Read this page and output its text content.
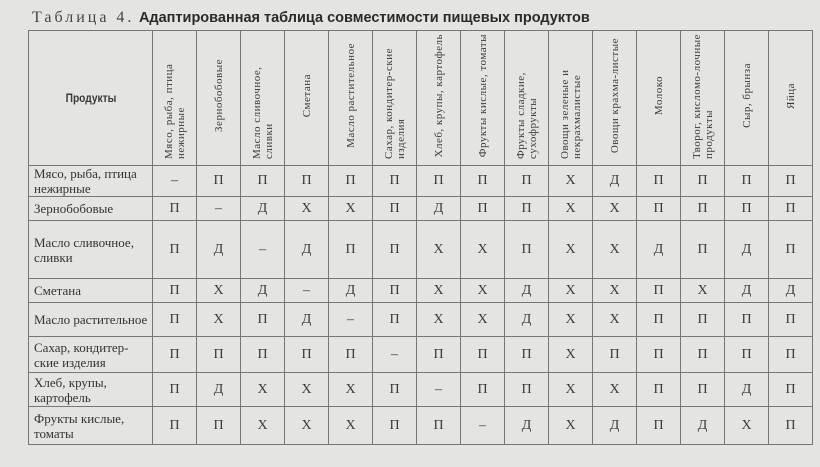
Таблица 4. Адаптированная таблица совместимости пищевых продуктов
Продукты	Мясо, рыба, птица нежирные	Зернобобовые	Масло сливочное, сливки	Сметана	Масло растительное	Сахар, кондитер-ские изделия	Хлеб, крупы, картофель	Фрукты кислые, томаты	Фрукты сладкие, сухофрукты	Овощи зеленые и некрахмалистые	Овощи крахма-листые	Молоко	Творог, кисломо-лочные продукты	Сыр, брынза	Яйца
Мясо, рыба, птица нежирные	–	П	П	П	П	П	П	П	П	Х	Д	П	П	П	П
Зернобобовые	П	–	Д	Х	Х	П	Д	П	П	Х	Х	П	П	П	П
Масло сливочное, сливки	П	Д	–	Д	П	П	Х	Х	П	Х	Х	Д	П	Д	П
Сметана	П	Х	Д	–	Д	П	Х	Х	Д	Х	Х	П	Х	Д	Д
Масло растительное	П	Х	П	Д	–	П	Х	Х	Д	Х	Х	П	П	П	П
Сахар, кондитер-ские изделия	П	П	П	П	П	–	П	П	П	Х	П	П	П	П	П
Хлеб, крупы, картофель	П	Д	Х	Х	Х	П	–	П	П	Х	Х	П	П	Д	П
Фрукты кислые, томаты	П	П	Х	Х	Х	П	П	–	Д	Х	Д	П	Д	Х	П
